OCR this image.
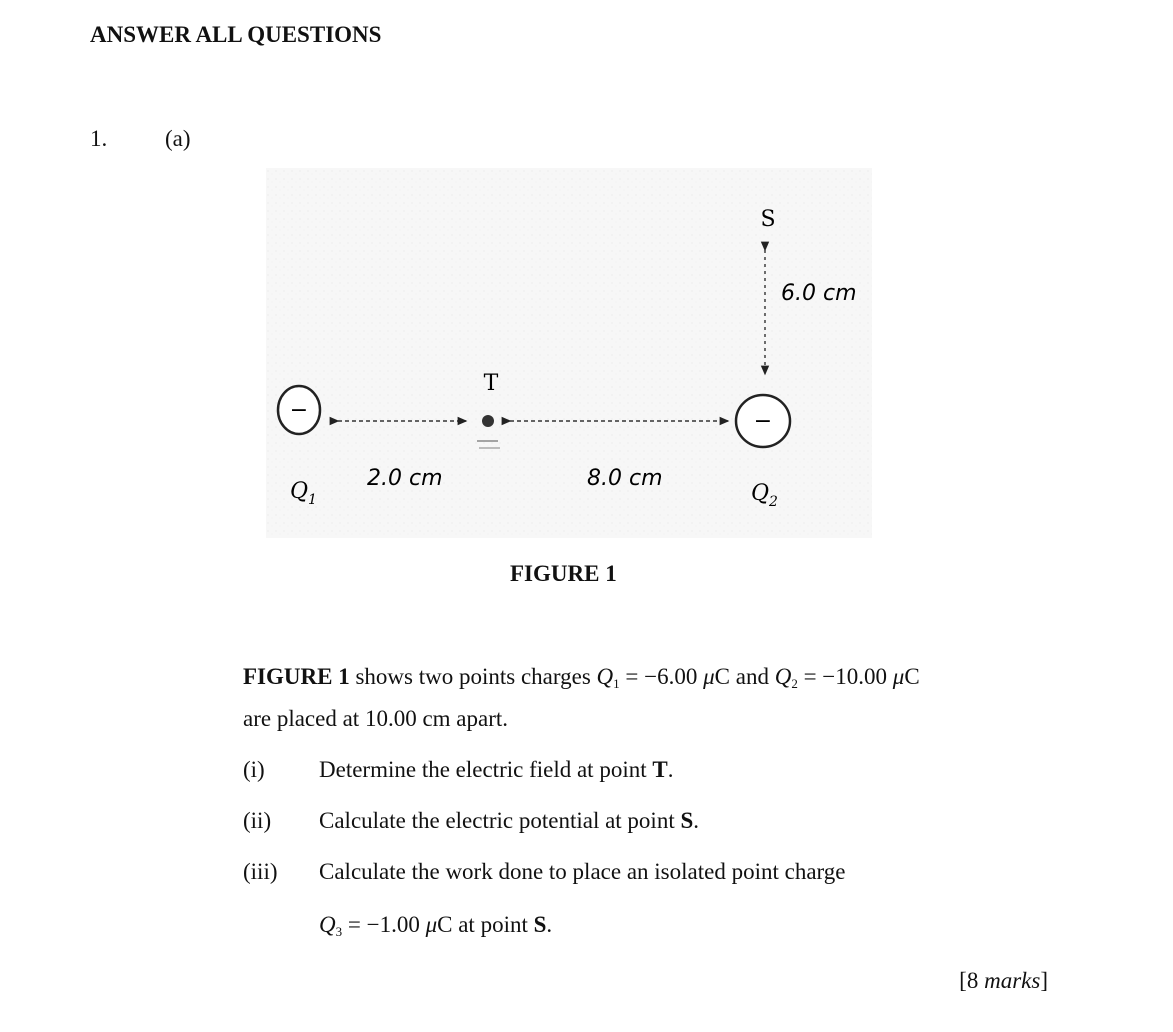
ANSWER ALL QUESTIONS
1.	(a)
−	−
T
S
6.0 cm
2.0 cm	8.0 cm
$Q_1$	$Q_2$
FIGURE 1
FIGURE 1 shows two points charges $Q_1 = -6.00$ μC and $Q_2 = -10.00$ μC
are placed at 10.00 cm apart.
(i) Determine the electric field at point T.
(ii) Calculate the electric potential at point S.
(iii) Calculate the work done to place an isolated point charge
$Q_3 = -1.00$ μC at point S.
[8 marks]
